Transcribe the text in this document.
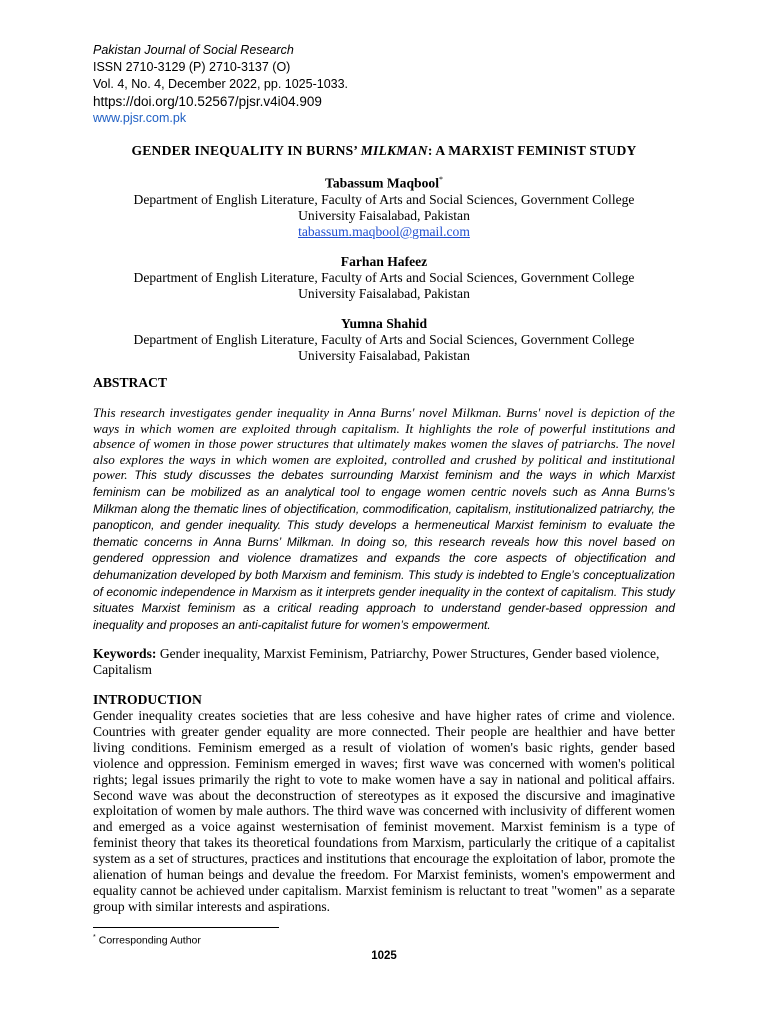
Pakistan Journal of Social Research
ISSN 2710-3129 (P) 2710-3137 (O)
Vol. 4, No. 4, December 2022, pp. 1025-1033.
https://doi.org/10.52567/pjsr.v4i04.909
www.pjsr.com.pk
GENDER INEQUALITY IN BURNS’ MILKMAN: A MARXIST FEMINIST STUDY
Tabassum Maqbool*
Department of English Literature, Faculty of Arts and Social Sciences, Government College
University Faisalabad, Pakistan
tabassum.maqbool@gmail.com
Farhan Hafeez
Department of English Literature, Faculty of Arts and Social Sciences, Government College
University Faisalabad, Pakistan
Yumna Shahid
Department of English Literature, Faculty of Arts and Social Sciences, Government College
University Faisalabad, Pakistan
ABSTRACT
This research investigates gender inequality in Anna Burns' novel Milkman. Burns' novel is depiction of the ways in which women are exploited through capitalism. It highlights the role of powerful institutions and absence of women in those power structures that ultimately makes women the slaves of patriarchs. The novel also explores the ways in which women are exploited, controlled and crushed by political and institutional power. This study discusses the debates surrounding Marxist feminism and the ways in which Marxist feminism can be mobilized as an analytical tool to engage women centric novels such as Anna Burns’s Milkman along the thematic lines of objectification, commodification, capitalism, institutionalized patriarchy, the panopticon, and gender inequality. This study develops a hermeneutical Marxist feminism to evaluate the thematic concerns in Anna Burns’ Milkman. In doing so, this research reveals how this novel based on gendered oppression and violence dramatizes and expands the core aspects of objectification and dehumanization developed by both Marxism and feminism. This study is indebted to Engle’s conceptualization of economic independence in Marxism as it interprets gender inequality in the context of capitalism. This study situates Marxist feminism as a critical reading approach to understand gender-based oppression and inequality and proposes an anti-capitalist future for women’s empowerment.
Keywords: Gender inequality, Marxist Feminism, Patriarchy, Power Structures, Gender based violence, Capitalism
INTRODUCTION
Gender inequality creates societies that are less cohesive and have higher rates of crime and violence. Countries with greater gender equality are more connected. Their people are healthier and have better living conditions. Feminism emerged as a result of violation of women's basic rights, gender based violence and oppression. Feminism emerged in waves; first wave was concerned with women's political rights; legal issues primarily the right to vote to make women have a say in national and political affairs. Second wave was about the deconstruction of stereotypes as it exposed the discursive and imaginative exploitation of women by male authors. The third wave was concerned with inclusivity of different women and emerged as a voice against westernisation of feminist movement. Marxist feminism is a type of feminist theory that takes its theoretical foundations from Marxism, particularly the critique of a capitalist system as a set of structures, practices and institutions that encourage the exploitation of labor, promote the alienation of human beings and devalue the freedom. For Marxist feminists, women's empowerment and equality cannot be achieved under capitalism. Marxist feminism is reluctant to treat "women" as a separate group with similar interests and aspirations.
* Corresponding Author
1025
